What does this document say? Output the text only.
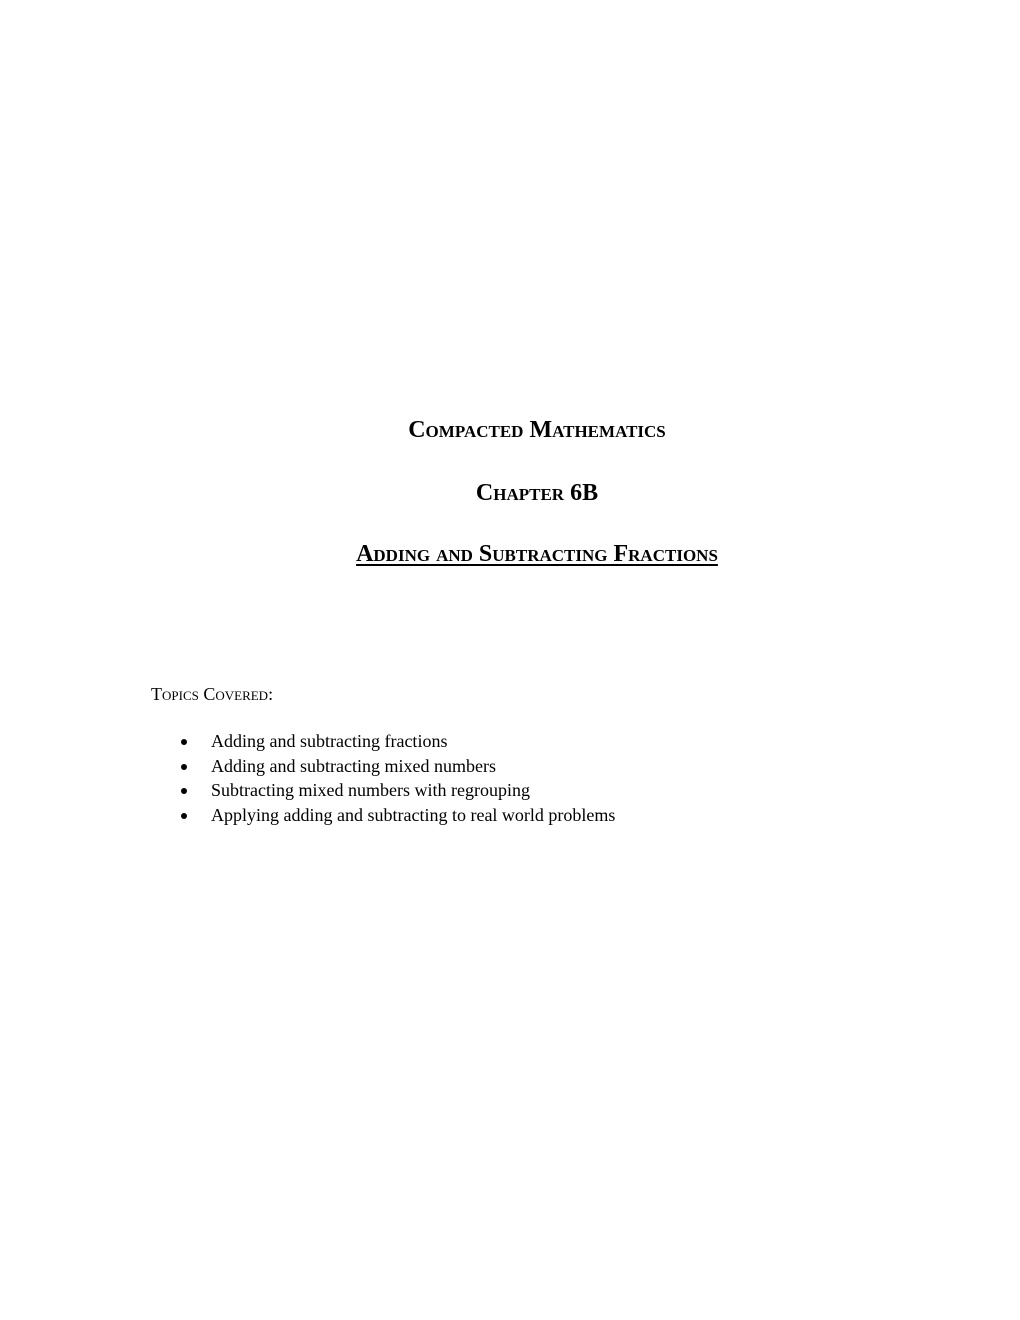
Compacted Mathematics
Chapter 6B
Adding and Subtracting Fractions

Topics Covered:

Adding and subtracting fractions
Adding and subtracting mixed numbers
Subtracting mixed numbers with regrouping
Applying adding and subtracting to real world problems
